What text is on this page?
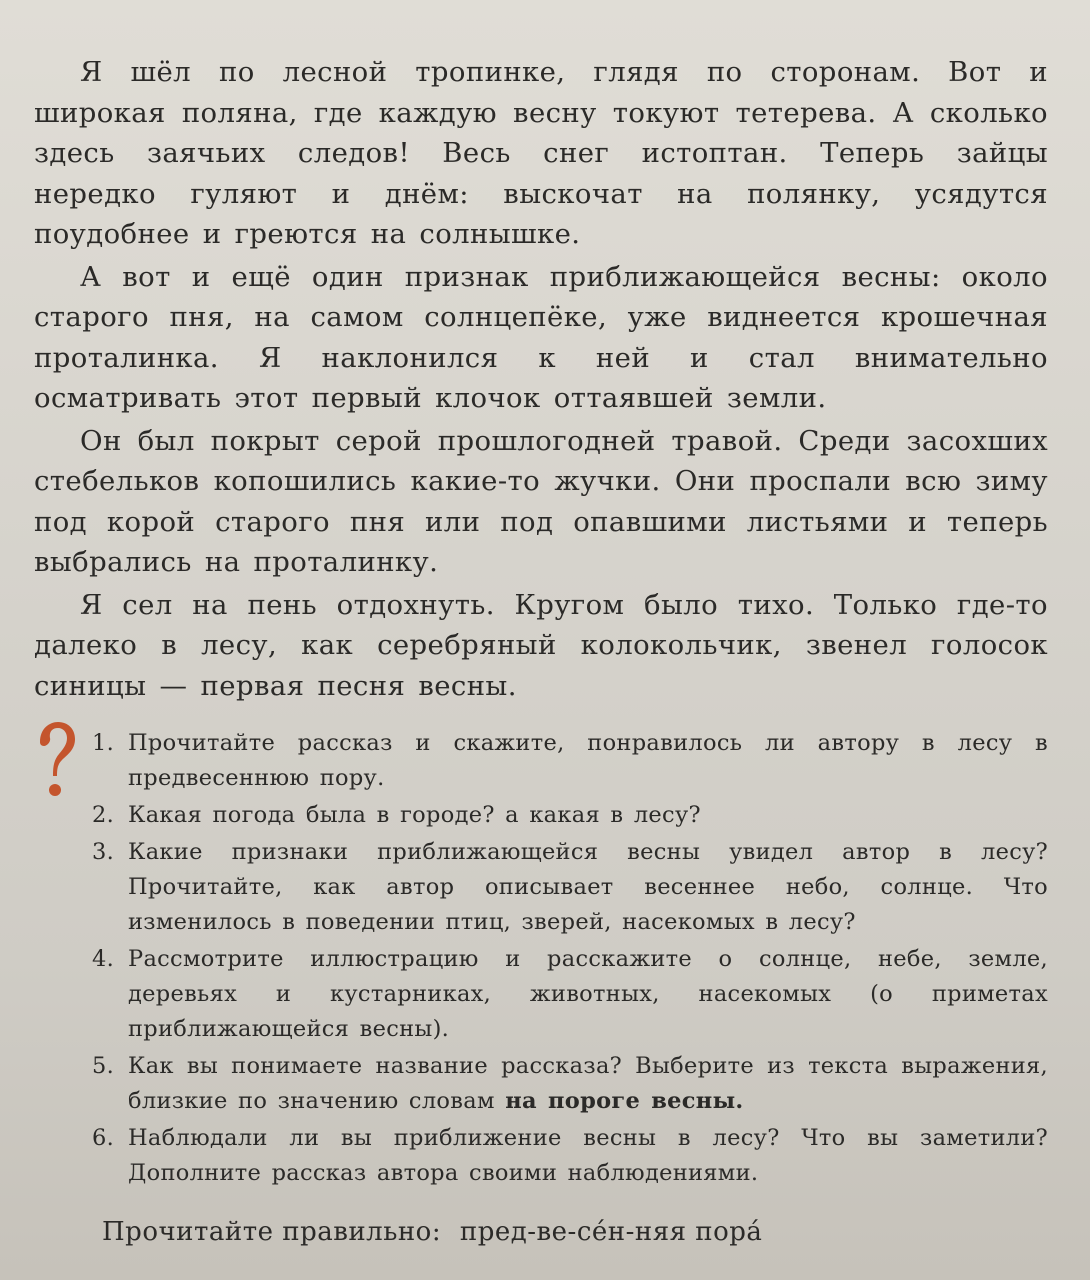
Я шёл по лесной тропинке, глядя по сторонам. Вот и широкая поляна, где каждую весну токуют тетерева. А сколько здесь заячьих следов! Весь снег истоптан. Теперь зайцы нередко гуляют и днём: выскочат на полянку, усядутся поудобнее и греются на солнышке.

А вот и ещё один признак приближающейся весны: около старого пня, на самом солнцепёке, уже виднеется крошечная проталинка. Я наклонился к ней и стал внимательно осматривать этот первый клочок оттаявшей земли.

Он был покрыт серой прошлогодней травой. Среди засохших стебельков копошились какие-то жучки. Они проспали всю зиму под корой старого пня или под опавшими листьями и теперь выбрались на проталинку.

Я сел на пень отдохнуть. Кругом было тихо. Только где-то далеко в лесу, как серебряный колокольчик, звенел голосок синицы — первая песня весны.

1. Прочитайте рассказ и скажите, понравилось ли автору в лесу в предвесеннюю пору.
2. Какая погода была в городе? а какая в лесу?
3. Какие признаки приближающейся весны увидел автор в лесу? Прочитайте, как автор описывает весеннее небо, солнце. Что изменилось в поведении птиц, зверей, насекомых в лесу?
4. Рассмотрите иллюстрацию и расскажите о солнце, небе, земле, деревьях и кустарниках, животных, насекомых (о приметах приближающейся весны).
5. Как вы понимаете название рассказа? Выберите из текста выражения, близкие по значению словам на пороге весны.
6. Наблюдали ли вы приближение весны в лесу? Что вы заметили? Дополните рассказ автора своими наблюдениями.
Прочитайте правильно: пред-ве-се́н-няя пора́
